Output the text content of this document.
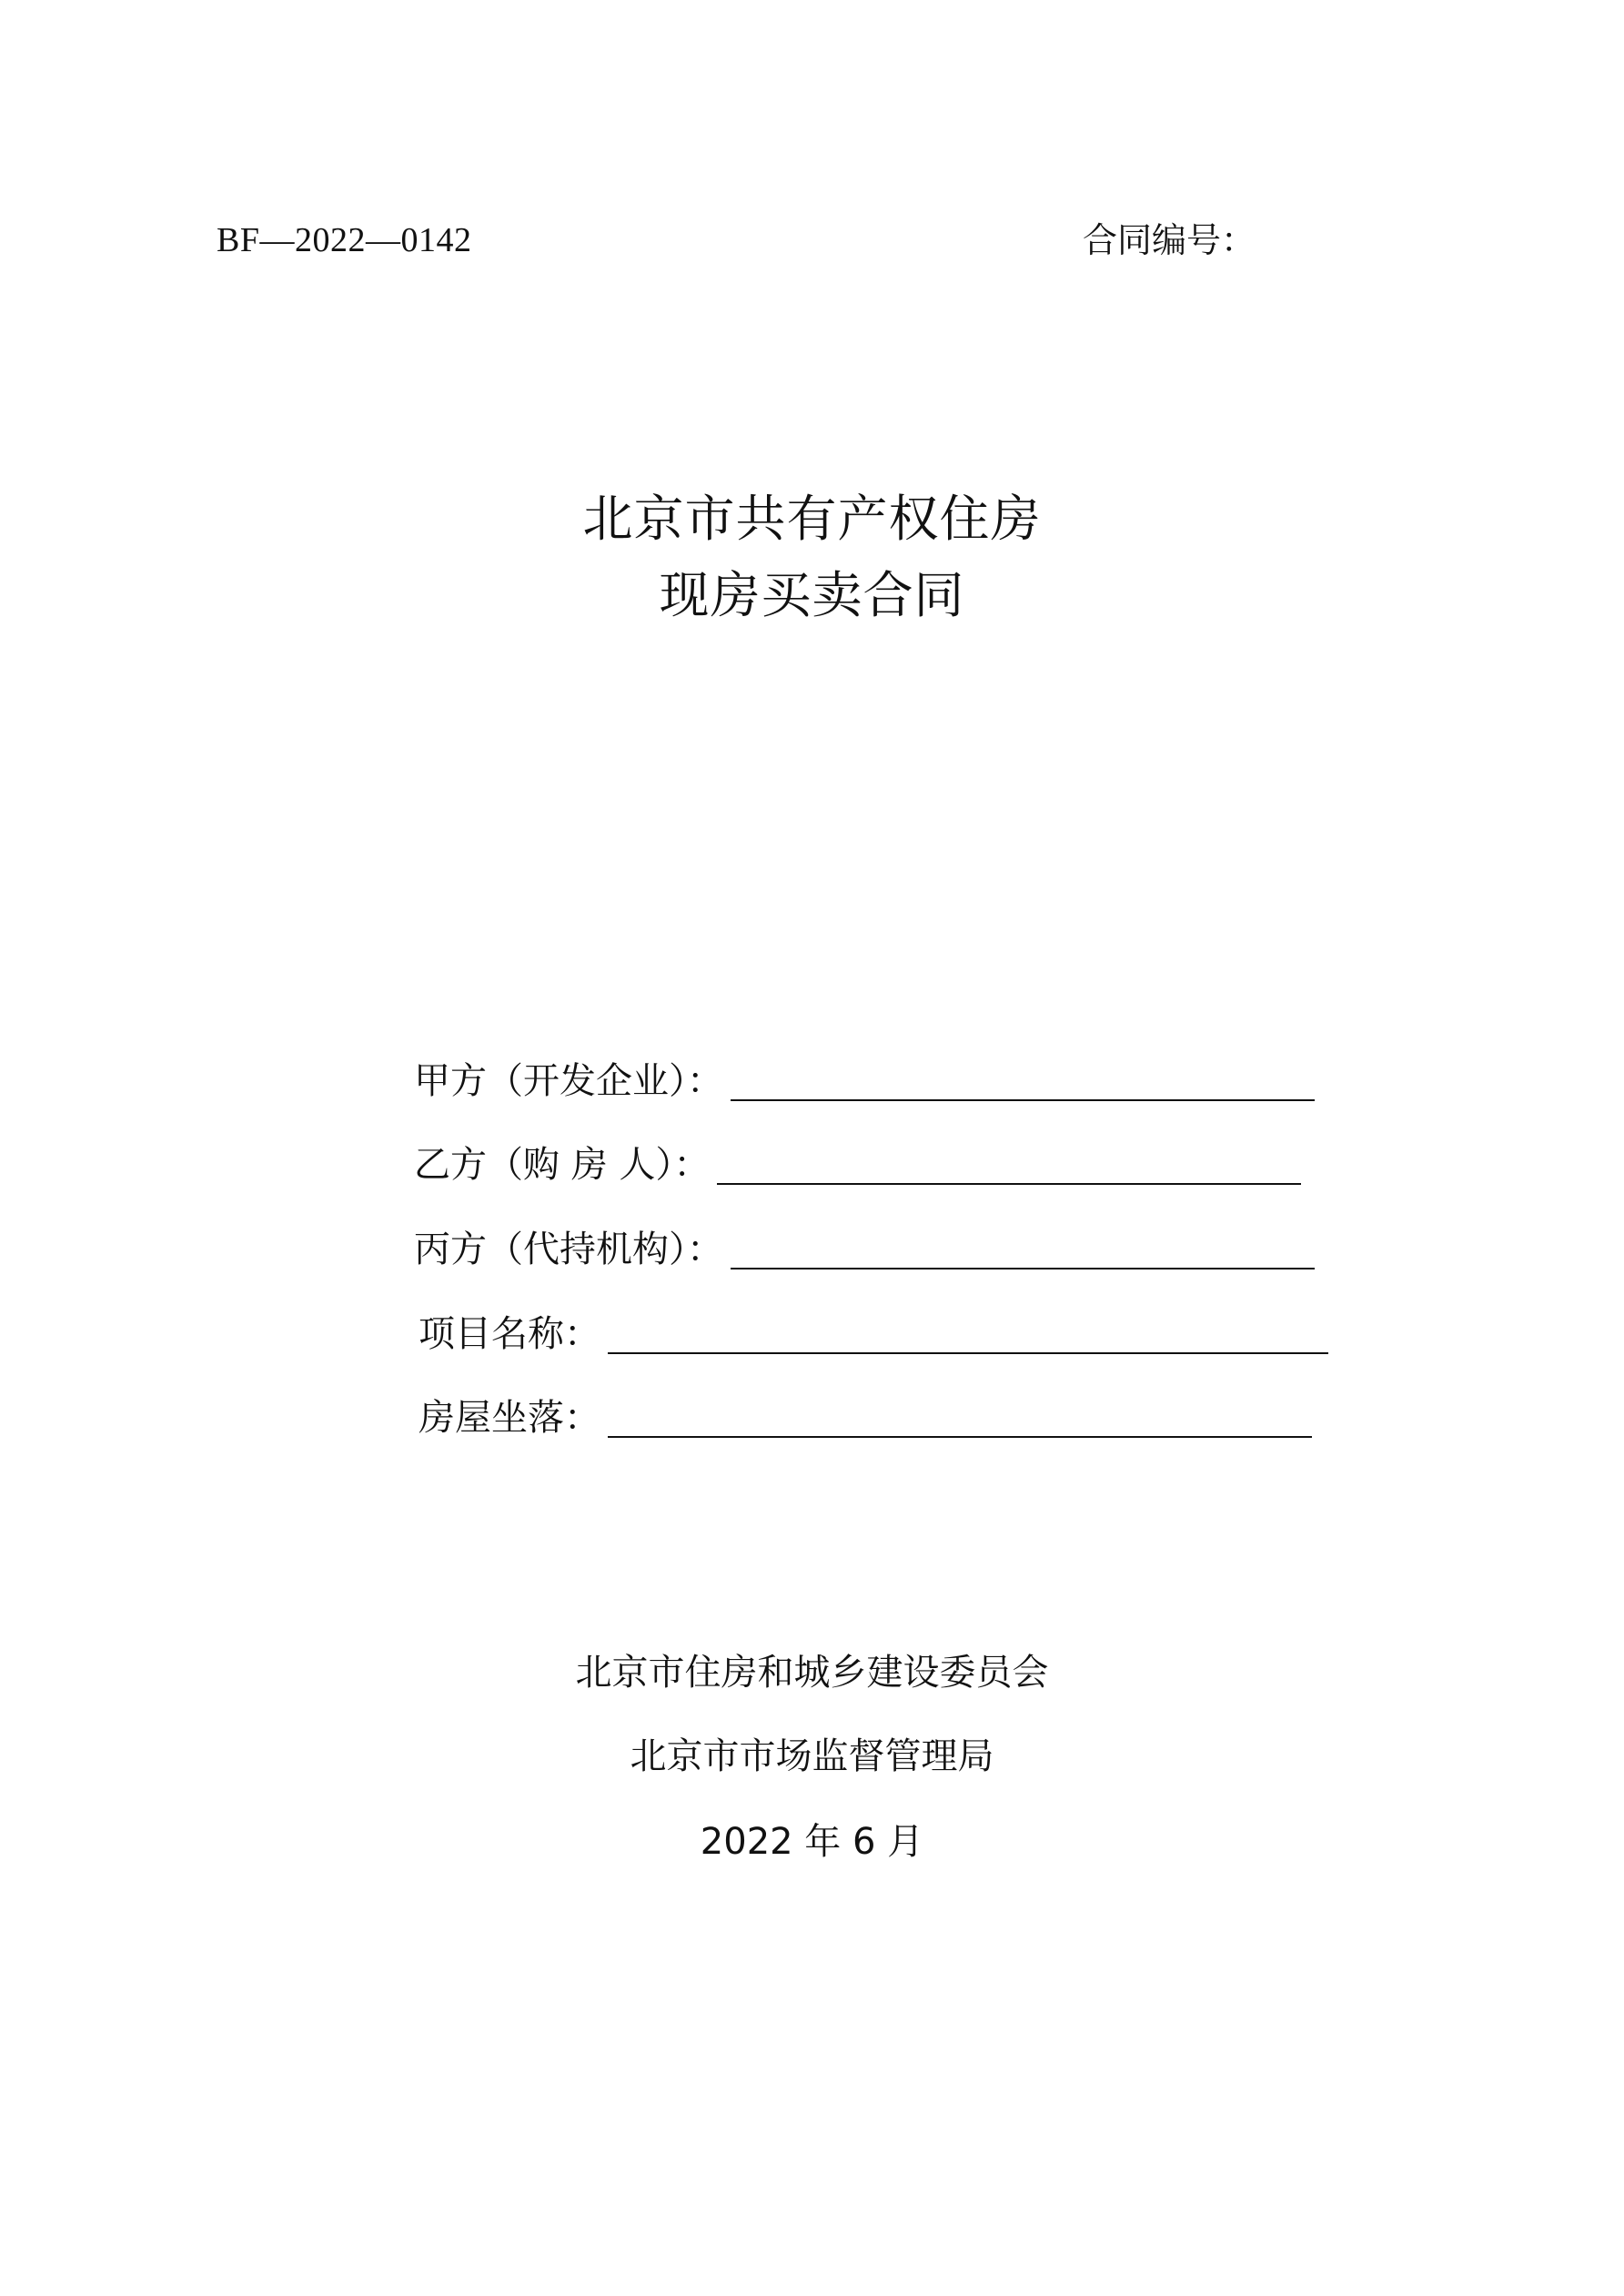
BF—2022—0142	合同编号：
北京市共有产权住房
现房买卖合同
甲方（开发企业）：
乙方（购 房 人）：
丙方（代持机构）：
项目名称：
房屋坐落：
北京市住房和城乡建设委员会
北京市市场监督管理局
2022 年 6 月
